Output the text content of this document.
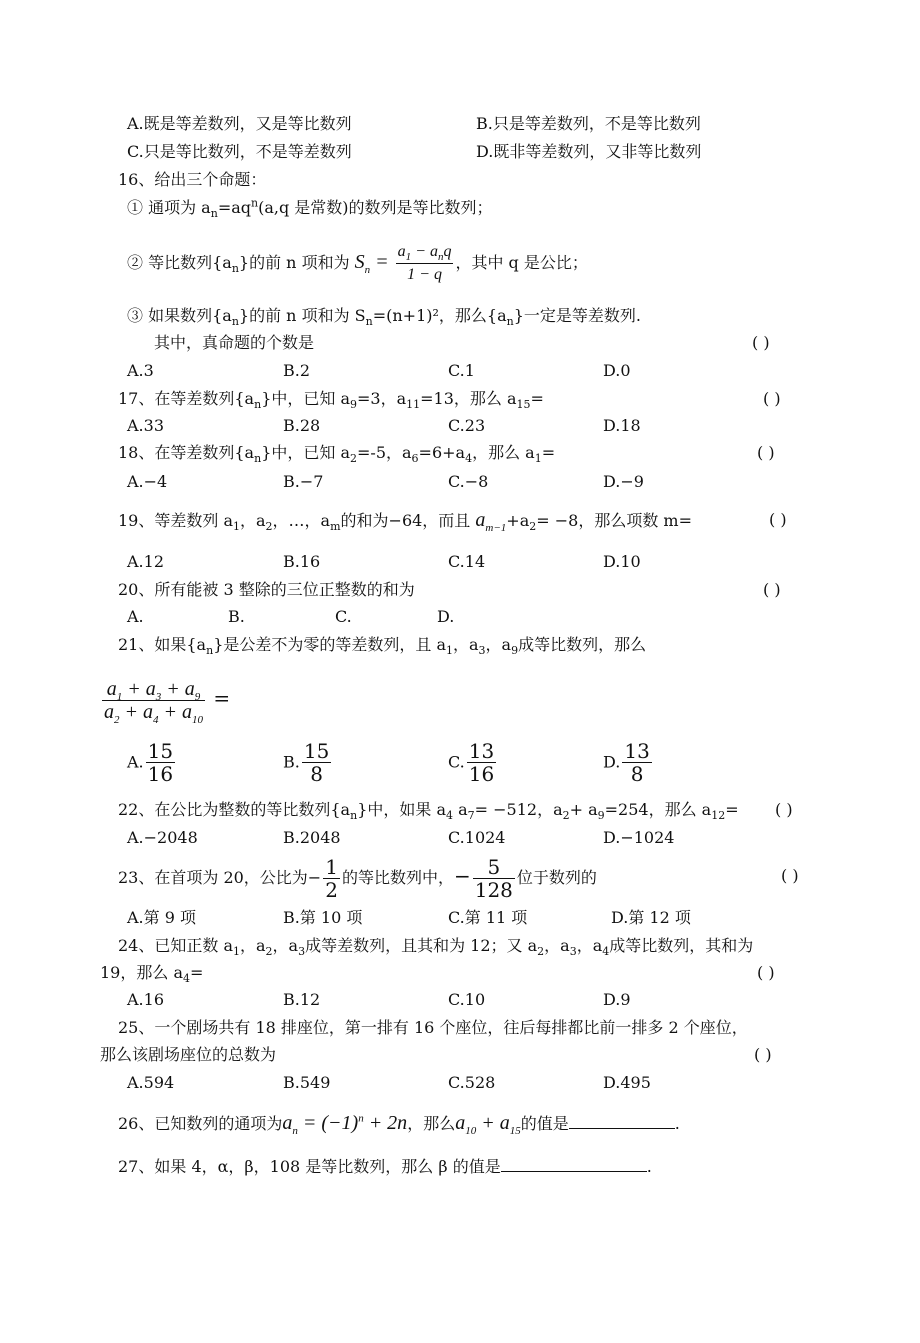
A.既是等差数列，又是等比数列	B.只是等差数列，不是等比数列
C.只是等比数列，不是等差数列	D.既非等差数列，又非等比数列
16、给出三个命题：
① 通项为 $a_n=aq^n(a,q$ 是常数)的数列是等比数列；
② 等比数列$\{a_n\}$的前 n 项和为 $S_n = \frac{a_1 - a_nq}{1 - q}$ ，其中 q 是公比；
③ 如果数列$\{a_n\}$的前 n 项和为 $S_n=(n+1)^2$，那么$\{a_n\}$一定是等差数列.
其中，真命题的个数是	( )
A.3	B.2	C.1	D.0
17、在等差数列$\{a_n\}$中，已知 $a_9=3$，$a_{11}=13$，那么 $a_{15}=$	( )
A.33	B.28	C.23	D.18
18、在等差数列$\{a_n\}$中，已知 $a_2=-5$，$a_6=6+a_4$，那么 $a_1=$	( )
A.−4	B.−7	C.−8	D.−9
19、等差数列 $a_1$，$a_2$，…，$a_m$的和为−64，而且 $a_{m-1}+a_2= -8$，那么项数 m=	( )
A.12	B.16	C.14	D.10
20、所有能被 3 整除的三位正整数的和为	( )
A.	B.	C.	D.
21、如果$\{a_n\}$是公差不为零的等差数列，且 $a_1$，$a_3$，$a_9$成等比数列，那么
$\frac{a_1 + a_3 + a_9}{a_2 + a_4 + a_{10}}$ =
A. $\frac{15}{16}$	B. $\frac{15}{8}$	C. $\frac{13}{16}$	D. $\frac{13}{8}$
22、在公比为整数的等比数列$\{a_n\}$中，如果 $a_4$ $a_7= -512$，$a_2+ a_9=254$，那么 $a_{12}=$ ( )
A.−2048	B.2048	C.1024	D.−1024
23、在首项为 20，公比为− $\frac{1}{2}$ 的等比数列中，− $\frac{5}{128}$ 位于数列的	( )
A.第 9 项	B.第 10 项	C.第 11 项	D.第 12 项
24、已知正数 $a_1$，$a_2$，$a_3$成等差数列，且其和为 12；又 $a_2$，$a_3$，$a_4$成等比数列，其和为
19，那么 $a_4=$	( )
A.16	B.12	C.10	D.9
25、一个剧场共有 18 排座位，第一排有 16 个座位，往后每排都比前一排多 2 个座位，
那么该剧场座位的总数为	( )
A.594	B.549	C.528	D.495
26、已知数列的通项为$a_n = (-1)^n + 2n$，那么$a_{10} + a_{15}$的值是	.
27、如果 4，α，β，108 是等比数列，那么 β 的值是	.
